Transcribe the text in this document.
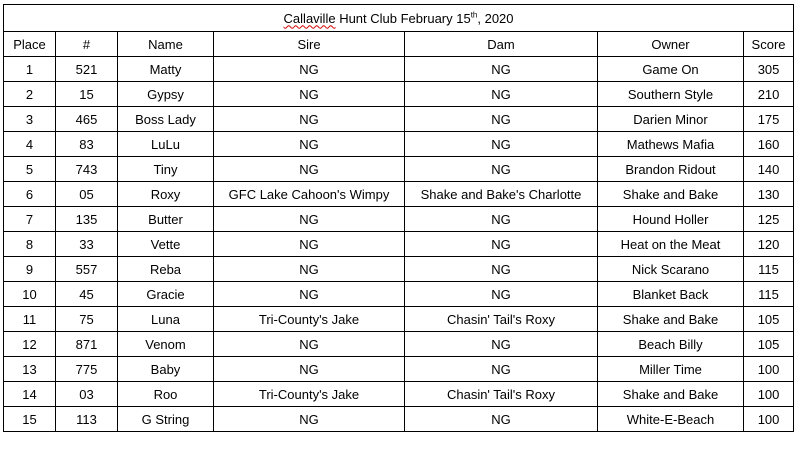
Callaville Hunt Club February 15th, 2020						
Place	#	Name	Sire	Dam	Owner	Score
1	521	Matty	NG	NG	Game On	305
2	15	Gypsy	NG	NG	Southern Style	210
3	465	Boss Lady	NG	NG	Darien Minor	175
4	83	LuLu	NG	NG	Mathews Mafia	160
5	743	Tiny	NG	NG	Brandon Ridout	140
6	05	Roxy	GFC Lake Cahoon's Wimpy	Shake and Bake's Charlotte	Shake and Bake	130
7	135	Butter	NG	NG	Hound Holler	125
8	33	Vette	NG	NG	Heat on the Meat	120
9	557	Reba	NG	NG	Nick Scarano	115
10	45	Gracie	NG	NG	Blanket Back	115
11	75	Luna	Tri-County's Jake	Chasin' Tail's Roxy	Shake and Bake	105
12	871	Venom	NG	NG	Beach Billy	105
13	775	Baby	NG	NG	Miller Time	100
14	03	Roo	Tri-County's Jake	Chasin' Tail's Roxy	Shake and Bake	100
15	113	G String	NG	NG	White-E-Beach	100
